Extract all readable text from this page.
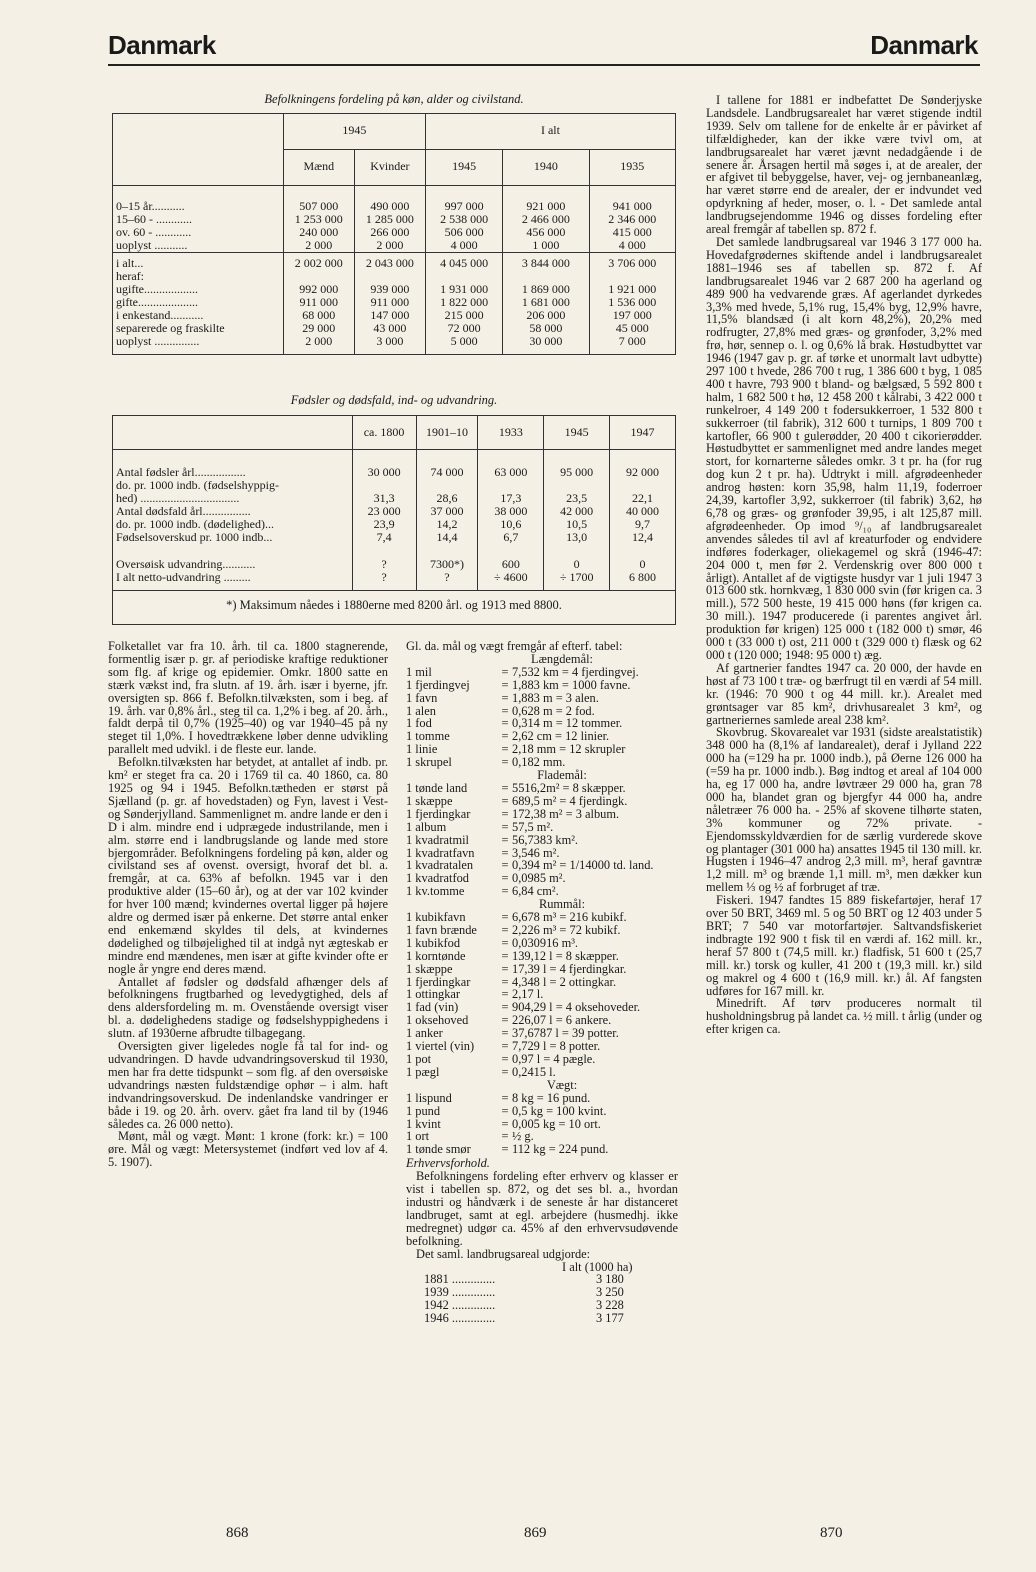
Danmark	Danmark
Befolkningens fordeling på køn, alder og civilstand.
	1945		I alt		
	Mænd	Kvinder	1945	1940	1935
0–15 år...........	507 000	490 000	997 000	921 000	941 000
15–60 - ............	1 253 000	1 285 000	2 538 000	2 466 000	2 346 000
ov. 60 - ............	240 000	266 000	506 000	456 000	415 000
uoplyst ...........	2 000	2 000	4 000	1 000	4 000
i alt...	2 002 000	2 043 000	4 045 000	3 844 000	3 706 000
heraf:					
ugifte..................	992 000	939 000	1 931 000	1 869 000	1 921 000
gifte....................	911 000	911 000	1 822 000	1 681 000	1 536 000
i enkestand...........	68 000	147 000	215 000	206 000	197 000
separerede og fraskilte	29 000	43 000	72 000	58 000	45 000
uoplyst ...............	2 000	3 000	5 000	30 000	7 000
Fødsler og dødsfald, ind- og udvandring.
	ca. 1800	1901–10	1933	1945	1947
Antal fødsler årl.................	30 000	74 000	63 000	95 000	92 000
do. pr. 1000 indb. (fødselshyppig-					
hed) .................................	31,3	28,6	17,3	23,5	22,1
Antal dødsfald årl................	23 000	37 000	38 000	42 000	40 000
do. pr. 1000 indb. (dødelighed)...	23,9	14,2	10,6	10,5	9,7
Fødselsoverskud pr. 1000 indb...	7,4	14,4	6,7	13,0	12,4
Oversøisk udvandring...........	?	7300*)	600	0	0
I alt netto-udvandring .........	?	?	÷ 4600	÷ 1700	6 800
*) Maksimum nåedes i 1880erne med 8200 årl. og 1913 med 8800.					

Folketallet var fra 10. årh. til ca. 1800 stagnerende, formentlig især p. gr. af periodiske kraftige reduktioner som flg. af krige og epidemier. Omkr. 1800 satte en stærk vækst ind, fra slutn. af 19. årh. især i byerne, jfr. oversigten sp. 866 f. Befolkn.tilvæksten, som i beg. af 19. årh. var 0,8% årl., steg til ca. 1,2% i beg. af 20. årh., faldt derpå til 0,7% (1925–40) og var 1940–45 på ny steget til 1,0%. I hovedtrækkene løber denne udvikling parallelt med udvikl. i de fleste eur. lande.

Befolkn.tilvæksten har betydet, at antallet af indb. pr. km² er steget fra ca. 20 i 1769 til ca. 40 1860, ca. 80 1925 og 94 i 1945. Befolkn.tætheden er størst på Sjælland (p. gr. af hovedstaden) og Fyn, lavest i Vest- og Sønderjylland. Sammenlignet m. andre lande er den i D i alm. mindre end i udprægede industrilande, men i alm. større end i landbrugslande og lande med store bjergområder. Befolkningens fordeling på køn, alder og civilstand ses af ovenst. oversigt, hvoraf det bl. a. fremgår, at ca. 63% af befolkn. 1945 var i den produktive alder (15–60 år), og at der var 102 kvinder for hver 100 mænd; kvindernes overtal ligger på højere aldre og dermed især på enkerne. Det større antal enker end enkemænd skyldes til dels, at kvindernes dødelighed og tilbøjelighed til at indgå nyt ægteskab er mindre end mændenes, men især at gifte kvinder ofte er nogle år yngre end deres mænd.

Antallet af fødsler og dødsfald afhænger dels af befolkningens frugtbarhed og levedygtighed, dels af dens aldersfordeling m. m. Ovenstående oversigt viser bl. a. dødelighedens stadige og fødselshyppighedens i slutn. af 1930erne afbrudte tilbagegang.

Oversigten giver ligeledes nogle få tal for ind- og udvandringen. D havde udvandringsoverskud til 1930, men har fra dette tidspunkt – som flg. af den oversøiske udvandrings næsten fuldstændige ophør – i alm. haft indvandringsoverskud. De indenlandske vandringer er både i 19. og 20. årh. overv. gået fra land til by (1946 således ca. 26 000 netto).

Mønt, mål og vægt. Mønt: 1 krone (fork: kr.) = 100 øre. Mål og vægt: Metersystemet (indført ved lov af 4. 5. 1907).

Gl. da. mål og vægt fremgår af efterf. tabel:

Længdemål:

1 mil	=	7,532 km = 4 fjerdingvej.
1 fjerdingvej	=	1,883 km = 1000 favne.
1 favn	=	1,883 m = 3 alen.
1 alen	=	0,628 m = 2 fod.
1 fod	=	0,314 m = 12 tommer.
1 tomme	=	2,62 cm = 12 linier.
1 linie	=	2,18 mm = 12 skrupler
1 skrupel	=	0,182 mm.

Flademål:

1 tønde land	=	5516,2m² = 8 skæpper.
1 skæppe	=	689,5 m² = 4 fjerdingk.
1 fjerdingkar	=	172,38 m² = 3 album.
1 album	=	57,5 m².
1 kvadratmil	=	56,7383 km².
1 kvadratfavn	=	3,546 m².
1 kvadratalen	=	0,394 m² = 1/14000 td. land.
1 kvadratfod	=	0,0985 m².
1 kv.tomme	=	6,84 cm².

Rummål:

1 kubikfavn	=	6,678 m³ = 216 kubikf.
1 favn brænde	=	2,226 m³ = 72 kubikf.
1 kubikfod	=	0,030916 m³.
1 korntønde	=	139,12 l = 8 skæpper.
1 skæppe	=	17,39 l = 4 fjerdingkar.
1 fjerdingkar	=	4,348 l = 2 ottingkar.
1 ottingkar	=	2,17 l.
1 fad (vin)	=	904,29 l = 4 oksehoveder.
1 oksehoved	=	226,07 l = 6 ankere.
1 anker	=	37,6787 l = 39 potter.
1 viertel (vin)	=	7,729 l = 8 potter.
1 pot	=	0,97 l = 4 pægle.
1 pægl	=	0,2415 l.

Vægt:

1 lispund	=	8 kg = 16 pund.
1 pund	=	0,5 kg = 100 kvint.
1 kvint	=	0,005 kg = 10 ort.
1 ort	=	½ g.
1 tønde smør	=	112 kg = 224 pund.

Erhvervsforhold.

Befolkningens fordeling efter erhverv og klasser er vist i tabellen sp. 872, og det ses bl. a., hvordan industri og håndværk i de seneste år har distanceret landbruget, samt at egl. arbejdere (husmedhj. ikke medregnet) udgør ca. 45% af den erhvervsudøvende befolkning.

Det saml. landbrugsareal udgjorde:

I alt (1000 ha)

1881 ..............	3 180
1939 ..............	3 250
1942 ..............	3 228
1946 ..............	3 177

I tallene for 1881 er indbefattet De Sønderjyske Landsdele. Landbrugsarealet har været stigende indtil 1939. Selv om tallene for de enkelte år er påvirket af tilfældigheder, kan der ikke være tvivl om, at landbrugsarealet har været jævnt nedadgående i de senere år. Årsagen hertil må søges i, at de arealer, der er afgivet til bebyggelse, haver, vej- og jernbaneanlæg, har været større end de arealer, der er indvundet ved opdyrkning af heder, moser, o. l. - Det samlede antal landbrugsejendomme 1946 og disses fordeling efter areal fremgår af tabellen sp. 872 f.

Det samlede landbrugsareal var 1946 3 177 000 ha. Hovedafgrødernes skiftende andel i landbrugsarealet 1881–1946 ses af tabellen sp. 872 f. Af landbrugsarealet 1946 var 2 687 200 ha agerland og 489 900 ha vedvarende græs. Af agerlandet dyrkedes 3,3% med hvede, 5,1% rug, 15,4% byg, 12,9% havre, 11,5% blandsæd (i alt korn 48,2%), 20,2% med rodfrugter, 27,8% med græs- og grønfoder, 3,2% med frø, hør, sennep o. l. og 0,6% lå brak. Høstudbyttet var 1946 (1947 gav p. gr. af tørke et unormalt lavt udbytte) 297 100 t hvede, 286 700 t rug, 1 386 600 t byg, 1 085 400 t havre, 793 900 t bland- og bælgsæd, 5 592 800 t halm, 1 682 500 t hø, 12 458 200 t kålrabi, 3 422 000 t runkelroer, 4 149 200 t fodersukkerroer, 1 532 800 t sukkerroer (til fabrik), 312 600 t turnips, 1 809 700 t kartofler, 66 900 t gulerødder, 20 400 t cikorierødder. Høstudbyttet er sammenlignet med andre landes meget stort, for kornarterne således omkr. 3 t pr. ha (for rug dog kun 2 t pr. ha). Udtrykt i mill. afgrødeenheder androg høsten: korn 35,98, halm 11,19, foderroer 24,39, kartofler 3,92, sukkerroer (til fabrik) 3,62, hø 6,78 og græs- og grønfoder 39,95, i alt 125,87 mill. afgrødeenheder. Op imod ⁹/₁₀ af landbrugsarealet anvendes således til avl af kreaturfoder og endvidere indføres foderkager, oliekagemel og skrå (1946-47: 204 000 t, men før 2. Verdenskrig over 800 000 t årligt). Antallet af de vigtigste husdyr var 1 juli 1947 3 013 600 stk. hornkvæg, 1 830 000 svin (før krigen ca. 3 mill.), 572 500 heste, 19 415 000 høns (før krigen ca. 30 mill.). 1947 producerede (i parentes angivet årl. produktion før krigen) 125 000 t (182 000 t) smør, 46 000 t (33 000 t) ost, 211 000 t (329 000 t) flæsk og 62 000 t (120 000; 1948: 95 000 t) æg.

Af gartnerier fandtes 1947 ca. 20 000, der havde en høst af 73 100 t træ- og bærfrugt til en værdi af 54 mill. kr. (1946: 70 900 t og 44 mill. kr.). Arealet med grøntsager var 85 km², drivhusarealet 3 km², og gartneriernes samlede areal 238 km².

Skovbrug. Skovarealet var 1931 (sidste arealstatistik) 348 000 ha (8,1% af landarealet), deraf i Jylland 222 000 ha (=129 ha pr. 1000 indb.), på Øerne 126 000 ha (=59 ha pr. 1000 indb.). Bøg indtog et areal af 104 000 ha, eg 17 000 ha, andre løvtræer 29 000 ha, gran 78 000 ha, blandet gran og bjergfyr 44 000 ha, andre nåletræer 76 000 ha. - 25% af skovene tilhørte staten, 3% kommuner og 72% private. - Ejendomsskyldværdien for de særlig vurderede skove og plantager (301 000 ha) ansattes 1945 til 130 mill. kr. Hugsten i 1946–47 androg 2,3 mill. m³, heraf gavntræ 1,2 mill. m³ og brænde 1,1 mill. m³, men dækker kun mellem ⅓ og ½ af forbruget af træ.

Fiskeri. 1947 fandtes 15 889 fiskefartøjer, heraf 17 over 50 BRT, 3469 ml. 5 og 50 BRT og 12 403 under 5 BRT; 7 540 var motorfartøjer. Saltvandsfiskeriet indbragte 192 900 t fisk til en værdi af. 162 mill. kr., heraf 57 800 t (74,5 mill. kr.) fladfisk, 51 600 t (25,7 mill. kr.) torsk og kuller, 41 200 t (19,3 mill. kr.) sild og makrel og 4 600 t (16,9 mill. kr.) ål. Af fangsten udføres for 167 mill. kr.

Minedrift. Af tørv produceres normalt til husholdningsbrug på landet ca. ½ mill. t årlig (under og efter krigen ca.

868	869	870
